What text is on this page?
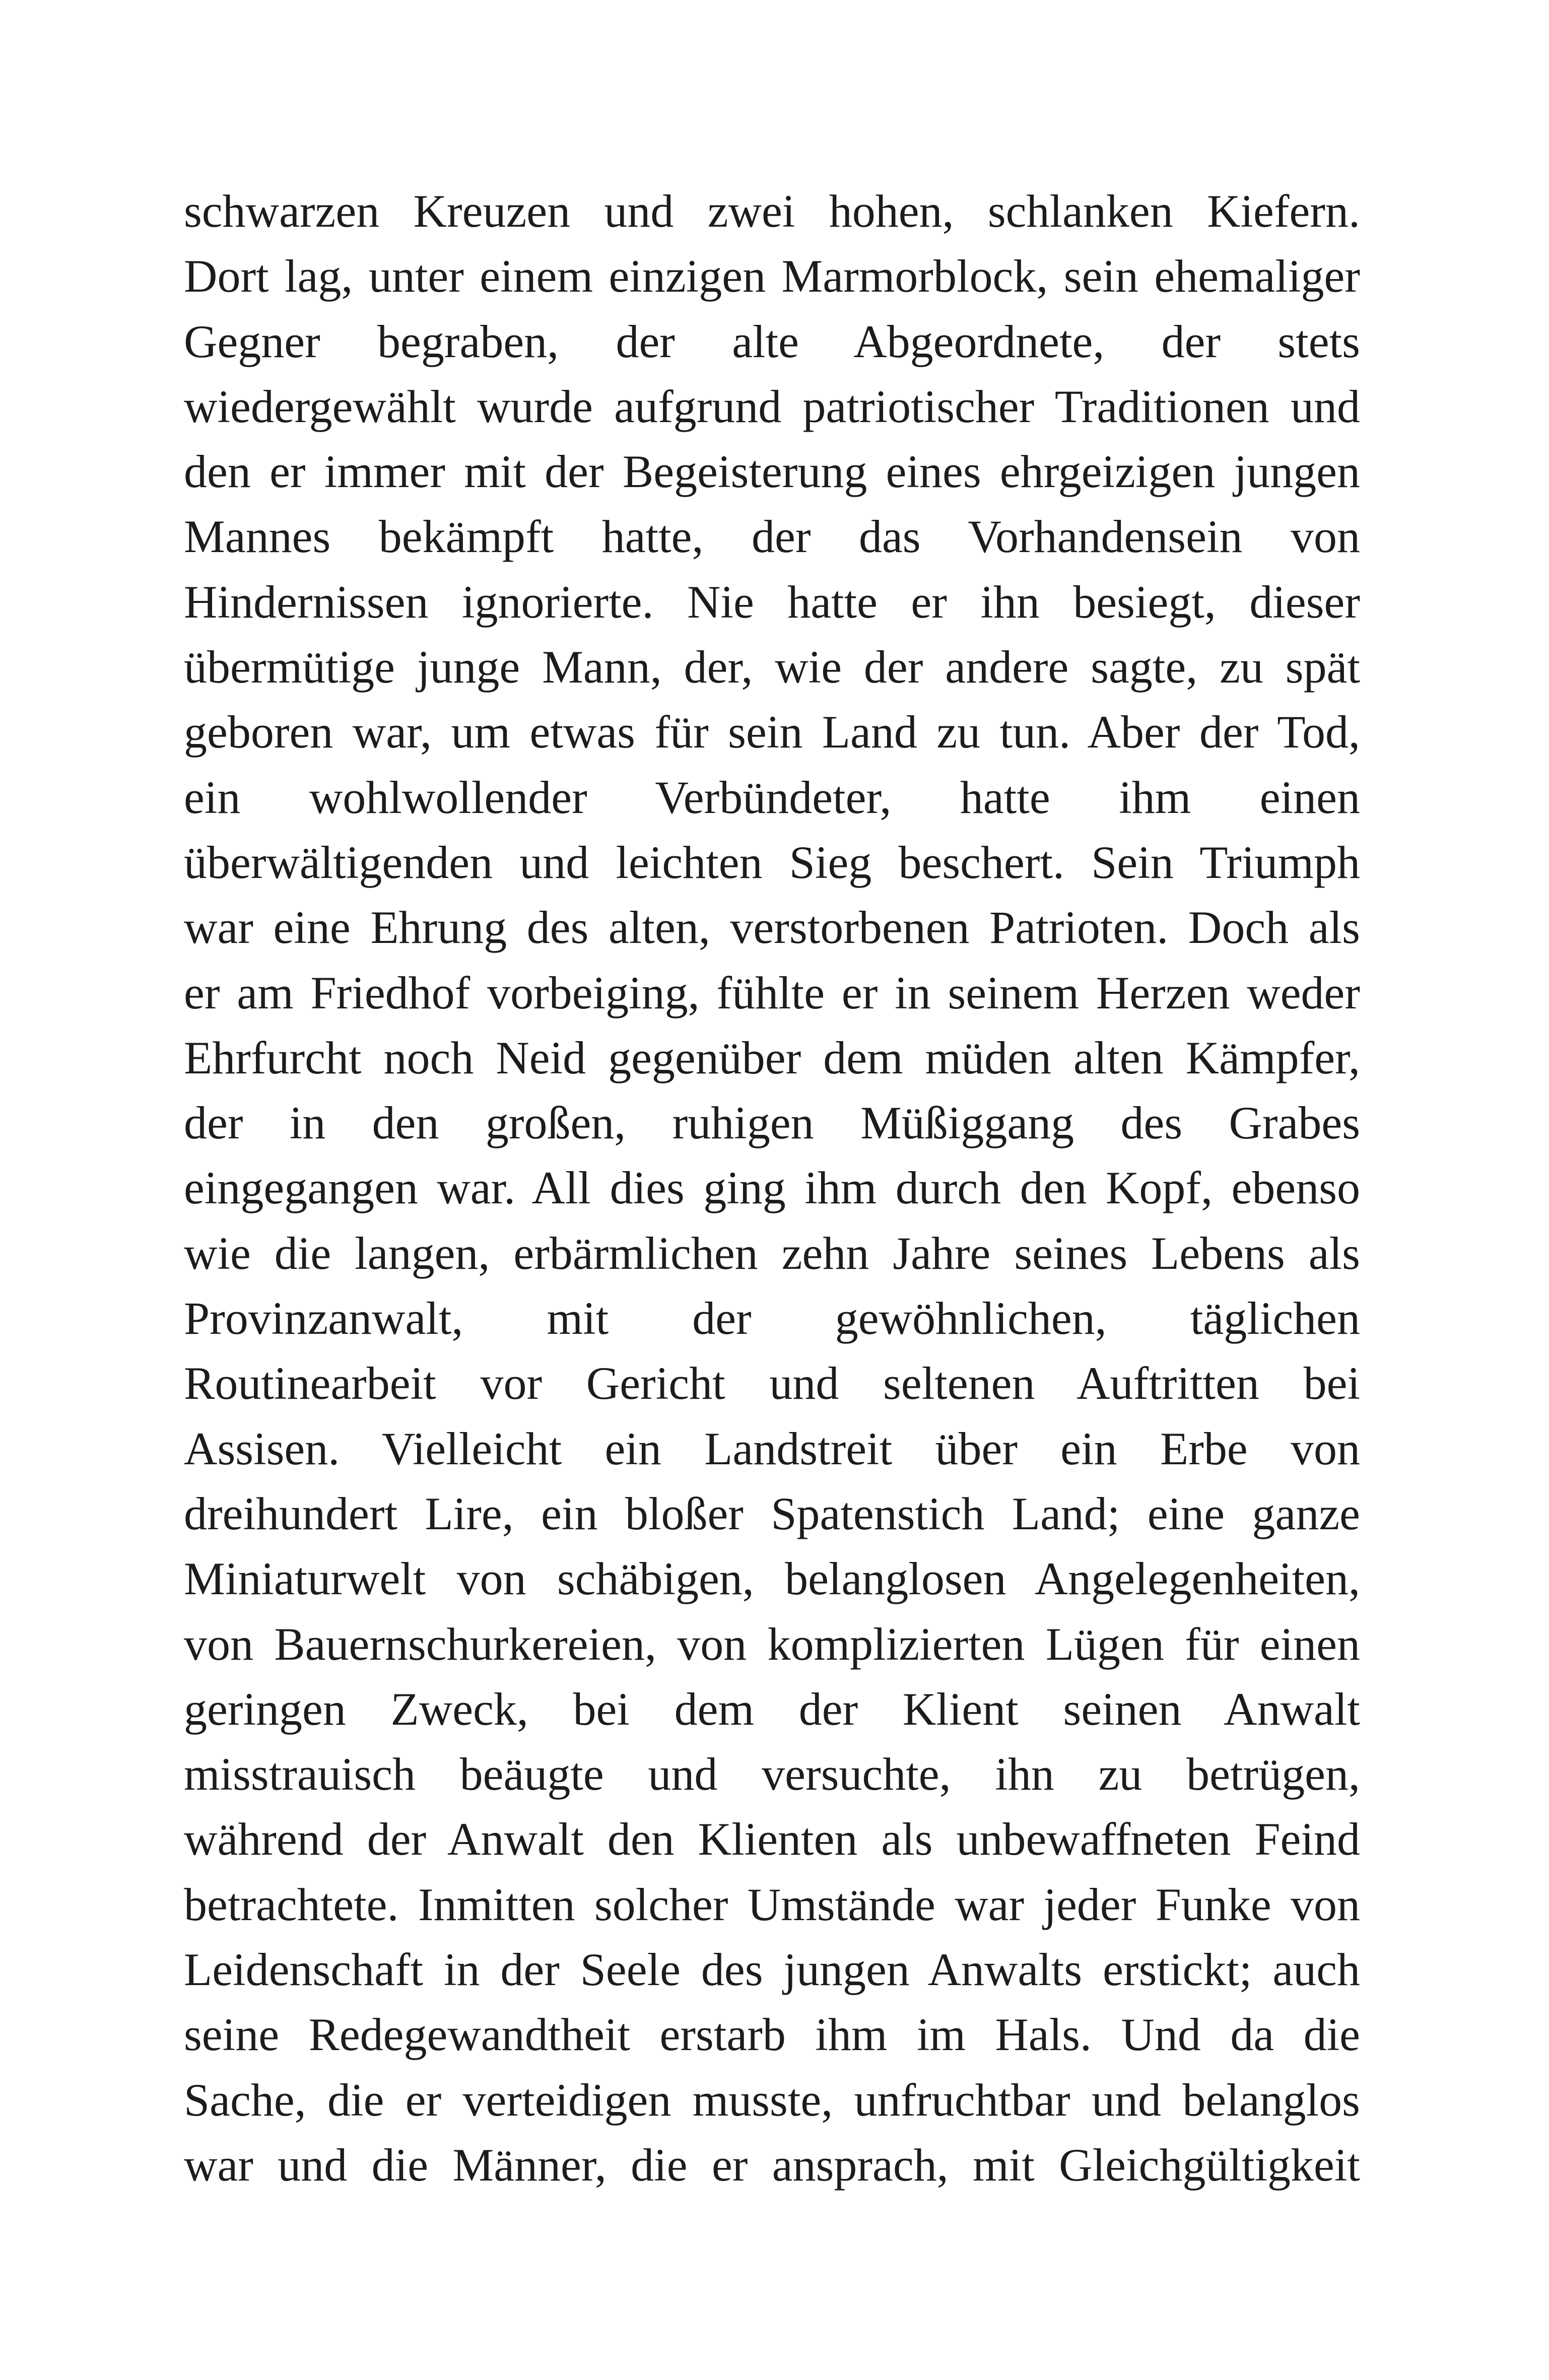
schwarzen Kreuzen und zwei hohen, schlanken Kiefern.
Dort lag, unter einem einzigen Marmorblock, sein ehemaliger
Gegner begraben, der alte Abgeordnete, der stets
wiedergewählt wurde aufgrund patriotischer Traditionen und
den er immer mit der Begeisterung eines ehrgeizigen jungen
Mannes bekämpft hatte, der das Vorhandensein von
Hindernissen ignorierte. Nie hatte er ihn besiegt, dieser
übermütige junge Mann, der, wie der andere sagte, zu spät
geboren war, um etwas für sein Land zu tun. Aber der Tod,
ein wohlwollender Verbündeter, hatte ihm einen
überwältigenden und leichten Sieg beschert. Sein Triumph
war eine Ehrung des alten, verstorbenen Patrioten. Doch als
er am Friedhof vorbeiging, fühlte er in seinem Herzen weder
Ehrfurcht noch Neid gegenüber dem müden alten Kämpfer,
der in den großen, ruhigen Müßiggang des Grabes
eingegangen war. All dies ging ihm durch den Kopf, ebenso
wie die langen, erbärmlichen zehn Jahre seines Lebens als
Provinzanwalt, mit der gewöhnlichen, täglichen
Routinearbeit vor Gericht und seltenen Auftritten bei
Assisen. Vielleicht ein Landstreit über ein Erbe von
dreihundert Lire, ein bloßer Spatenstich Land; eine ganze
Miniaturwelt von schäbigen, belanglosen Angelegenheiten,
von Bauernschurkereien, von komplizierten Lügen für einen
geringen Zweck, bei dem der Klient seinen Anwalt
misstrauisch beäugte und versuchte, ihn zu betrügen,
während der Anwalt den Klienten als unbewaffneten Feind
betrachtete. Inmitten solcher Umstände war jeder Funke von
Leidenschaft in der Seele des jungen Anwalts erstickt; auch
seine Redegewandtheit erstarb ihm im Hals. Und da die
Sache, die er verteidigen musste, unfruchtbar und belanglos
war und die Männer, die er ansprach, mit Gleichgültigkeit
